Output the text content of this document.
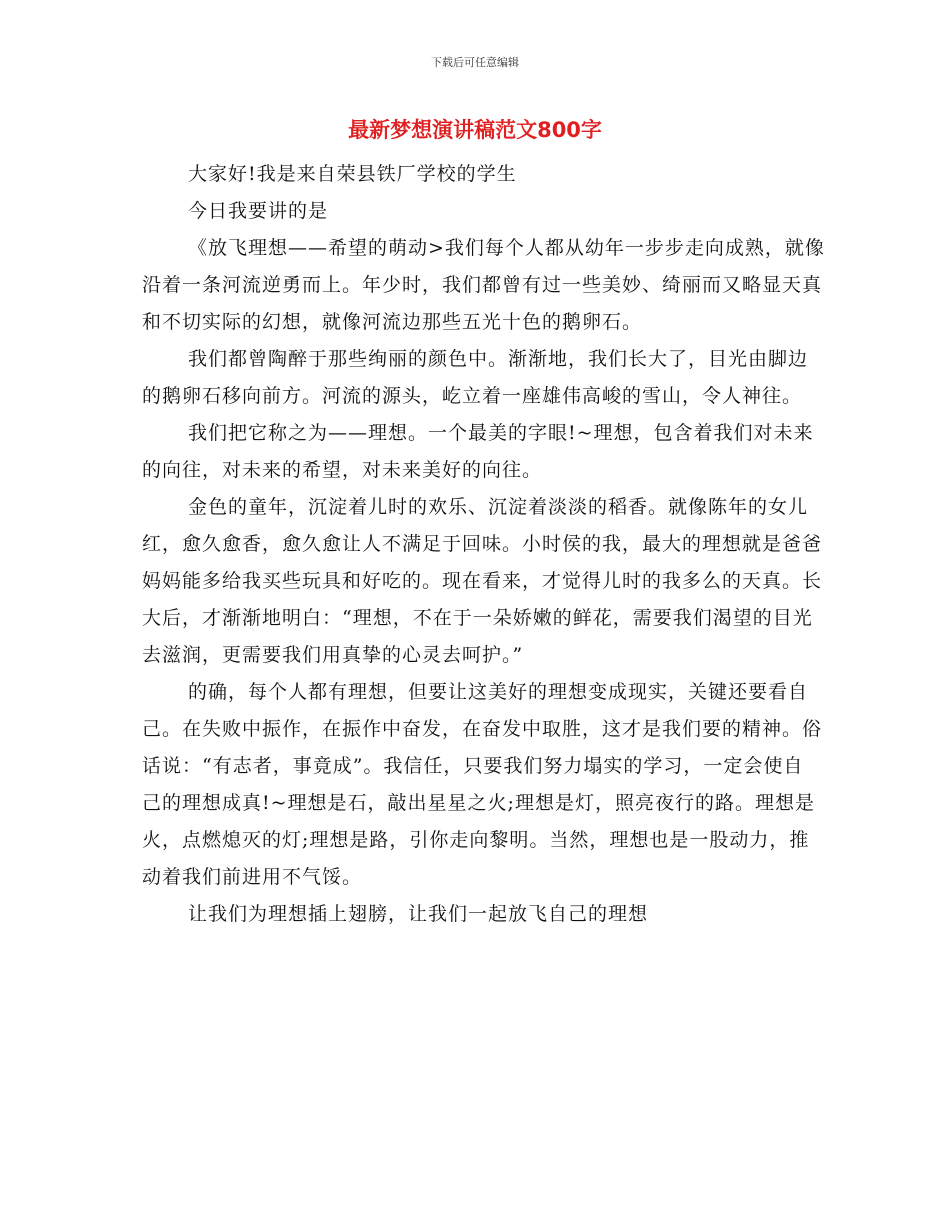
下载后可任意编辑
最新梦想演讲稿范文800字

大家好!我是来自荣县铁厂学校的学生

今日我要讲的是

《放飞理想——希望的萌动>我们每个人都从幼年一步步走向成熟，就像沿着一条河流逆勇而上。年少时，我们都曾有过一些美妙、绮丽而又略显天真和不切实际的幻想，就像河流边那些五光十色的鹅卵石。

我们都曾陶醉于那些绚丽的颜色中。渐渐地，我们长大了，目光由脚边的鹅卵石移向前方。河流的源头，屹立着一座雄伟高峻的雪山，令人神往。

我们把它称之为——理想。一个最美的字眼!~理想，包含着我们对未来的向往，对未来的希望，对未来美好的向往。

金色的童年，沉淀着儿时的欢乐、沉淀着淡淡的稻香。就像陈年的女儿红，愈久愈香，愈久愈让人不满足于回味。小时侯的我，最大的理想就是爸爸妈妈能多给我买些玩具和好吃的。现在看来，才觉得儿时的我多么的天真。长大后，才渐渐地明白：“理想，不在于一朵娇嫩的鲜花，需要我们渴望的目光去滋润，更需要我们用真挚的心灵去呵护。”

的确，每个人都有理想，但要让这美好的理想变成现实，关键还要看自己。在失败中振作，在振作中奋发，在奋发中取胜，这才是我们要的精神。俗话说：“有志者，事竟成”。我信任，只要我们努力塌实的学习，一定会使自己的理想成真!~理想是石，敲出星星之火;理想是灯，照亮夜行的路。理想是火，点燃熄灭的灯;理想是路，引你走向黎明。当然，理想也是一股动力，推动着我们前进用不气馁。

让我们为理想插上翅膀，让我们一起放飞自己的理想
